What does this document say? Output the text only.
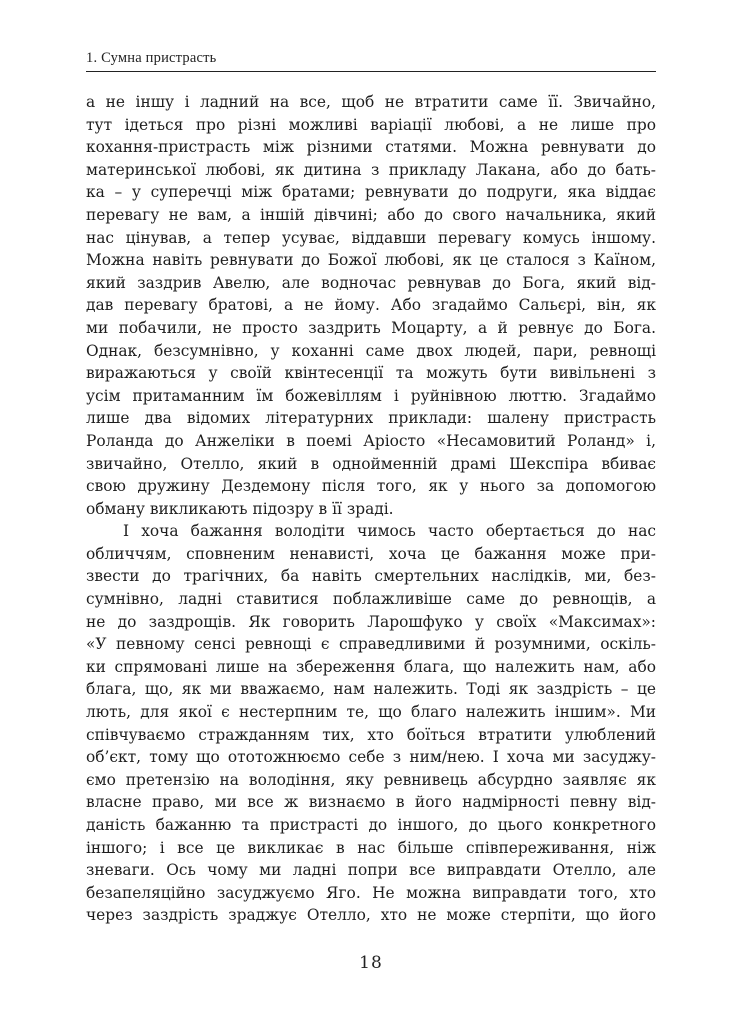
1. Сумна пристрасть
а не іншу і ладний на все, щоб не втратити саме її. Звичайно,
тут ідеться про різні можливі варіації любові, а не лише про
кохання-пристрасть між різними статями. Можна ревнувати до
материнської любові, як дитина з прикладу Лакана, або до бать-
ка – у суперечці між братами; ревнувати до подруги, яка віддає
перевагу не вам, а іншій дівчині; або до свого начальника, який
нас цінував, а тепер усуває, віддавши перевагу комусь іншому.
Можна навіть ревнувати до Божої любові, як це сталося з Каїном,
який заздрив Авелю, але водночас ревнував до Бога, який від-
дав перевагу братові, а не йому. Або згадаймо Сальєрі, він, як
ми побачили, не просто заздрить Моцарту, а й ревнує до Бога.
Однак, безсумнівно, у коханні саме двох людей, пари, ревнощі
виражаються у своїй квінтесенції та можуть бути вивільнені з
усім притаманним їм божевіллям і руйнівною люттю. Згадаймо
лише два відомих літературних приклади: шалену пристрасть
Роланда до Анжеліки в поемі Аріосто «Несамовитий Роланд» і,
звичайно, Отелло, який в однойменній драмі Шекспіра вбиває
свою дружину Дездемону після того, як у нього за допомогою
обману викликають підозру в її зраді.
І хоча бажання володіти чимось часто обертається до нас
обличчям, сповненим ненависті, хоча це бажання може при-
звести до трагічних, ба навіть смертельних наслідків, ми, без-
сумнівно, ладні ставитися поблажливіше саме до ревнощів, а
не до заздрощів. Як говорить Ларошфуко у своїх «Максимах»:
«У певному сенсі ревнощі є справедливими й розумними, оскіль-
ки спрямовані лише на збереження блага, що належить нам, або
блага, що, як ми вважаємо, нам належить. Тоді як заздрість – це
лють, для якої є нестерпним те, що благо належить іншим». Ми
співчуваємо стражданням тих, хто боїться втратити улюблений
об’єкт, тому що ототожнюємо себе з ним/нею. І хоча ми засуджу-
ємо претензію на володіння, яку ревнивець абсурдно заявляє як
власне право, ми все ж визнаємо в його надмірності певну від-
даність бажанню та пристрасті до іншого, до цього конкретного
іншого; і все це викликає в нас більше співпереживання, ніж
зневаги. Ось чому ми ладні попри все виправдати Отелло, але
безапеляційно засуджуємо Яго. Не можна виправдати того, хто
через заздрість зраджує Отелло, хто не може стерпіти, що його
18
